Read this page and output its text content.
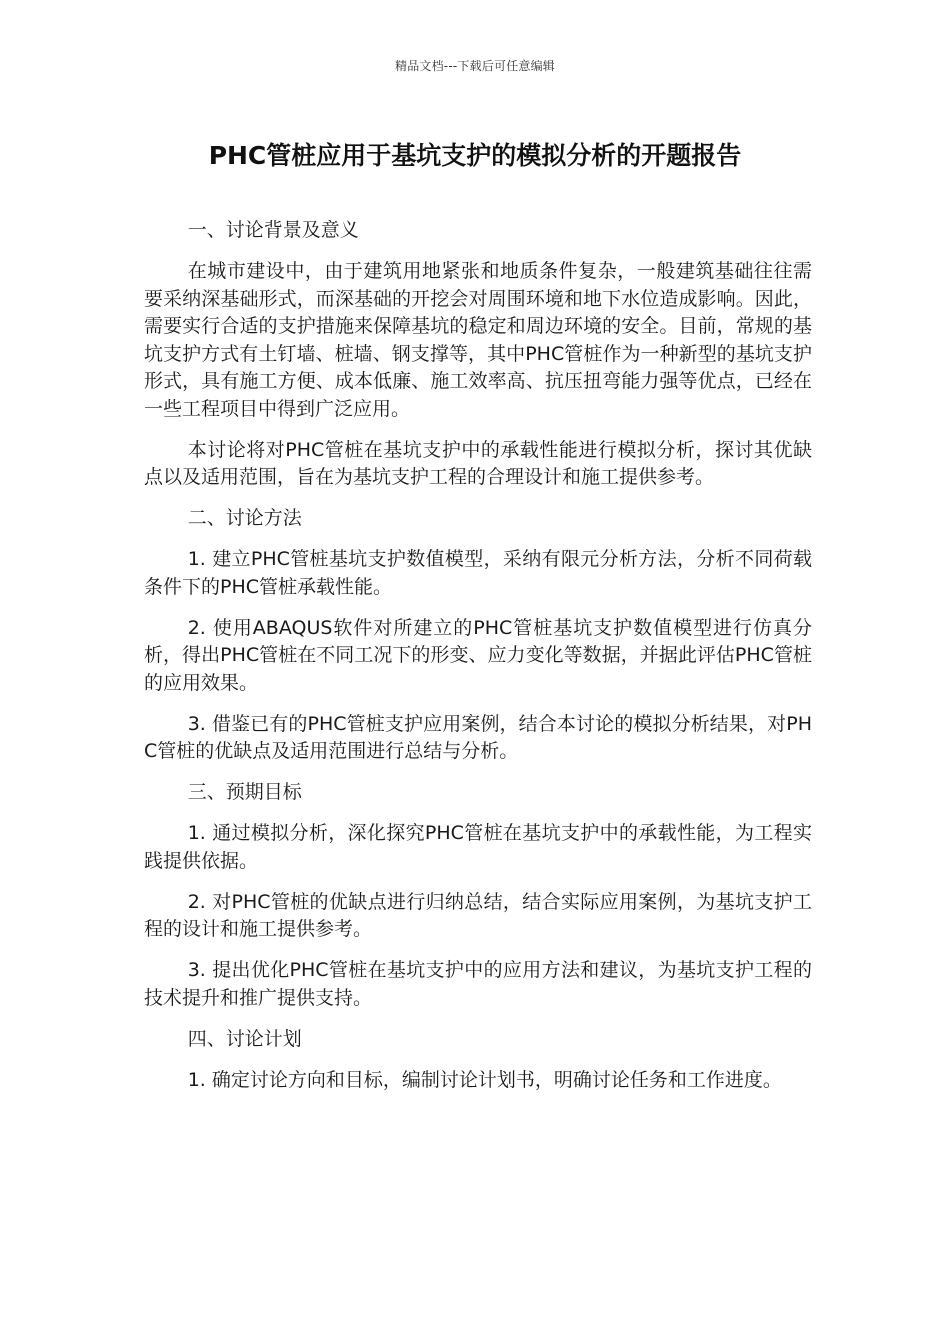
精品文档---下载后可任意编辑
PHC管桩应用于基坑支护的模拟分析的开题报告

一、讨论背景及意义

在城市建设中，由于建筑用地紧张和地质条件复杂，一般建筑基础往往需要采纳深基础形式，而深基础的开挖会对周围环境和地下水位造成影响。因此，需要实行合适的支护措施来保障基坑的稳定和周边环境的安全。目前，常规的基坑支护方式有土钉墙、桩墙、钢支撑等，其中PHC管桩作为一种新型的基坑支护形式，具有施工方便、成本低廉、施工效率高、抗压扭弯能力强等优点，已经在一些工程项目中得到广泛应用。

本讨论将对PHC管桩在基坑支护中的承载性能进行模拟分析，探讨其优缺点以及适用范围，旨在为基坑支护工程的合理设计和施工提供参考。

二、讨论方法

1. 建立PHC管桩基坑支护数值模型，采纳有限元分析方法，分析不同荷载条件下的PHC管桩承载性能。

2. 使用ABAQUS软件对所建立的PHC管桩基坑支护数值模型进行仿真分析，得出PHC管桩在不同工况下的形变、应力变化等数据，并据此评估PHC管桩的应用效果。

3. 借鉴已有的PHC管桩支护应用案例，结合本讨论的模拟分析结果，对PHC管桩的优缺点及适用范围进行总结与分析。

三、预期目标

1. 通过模拟分析，深化探究PHC管桩在基坑支护中的承载性能，为工程实践提供依据。

2. 对PHC管桩的优缺点进行归纳总结，结合实际应用案例，为基坑支护工程的设计和施工提供参考。

3. 提出优化PHC管桩在基坑支护中的应用方法和建议，为基坑支护工程的技术提升和推广提供支持。

四、讨论计划

1. 确定讨论方向和目标，编制讨论计划书，明确讨论任务和工作进度。
